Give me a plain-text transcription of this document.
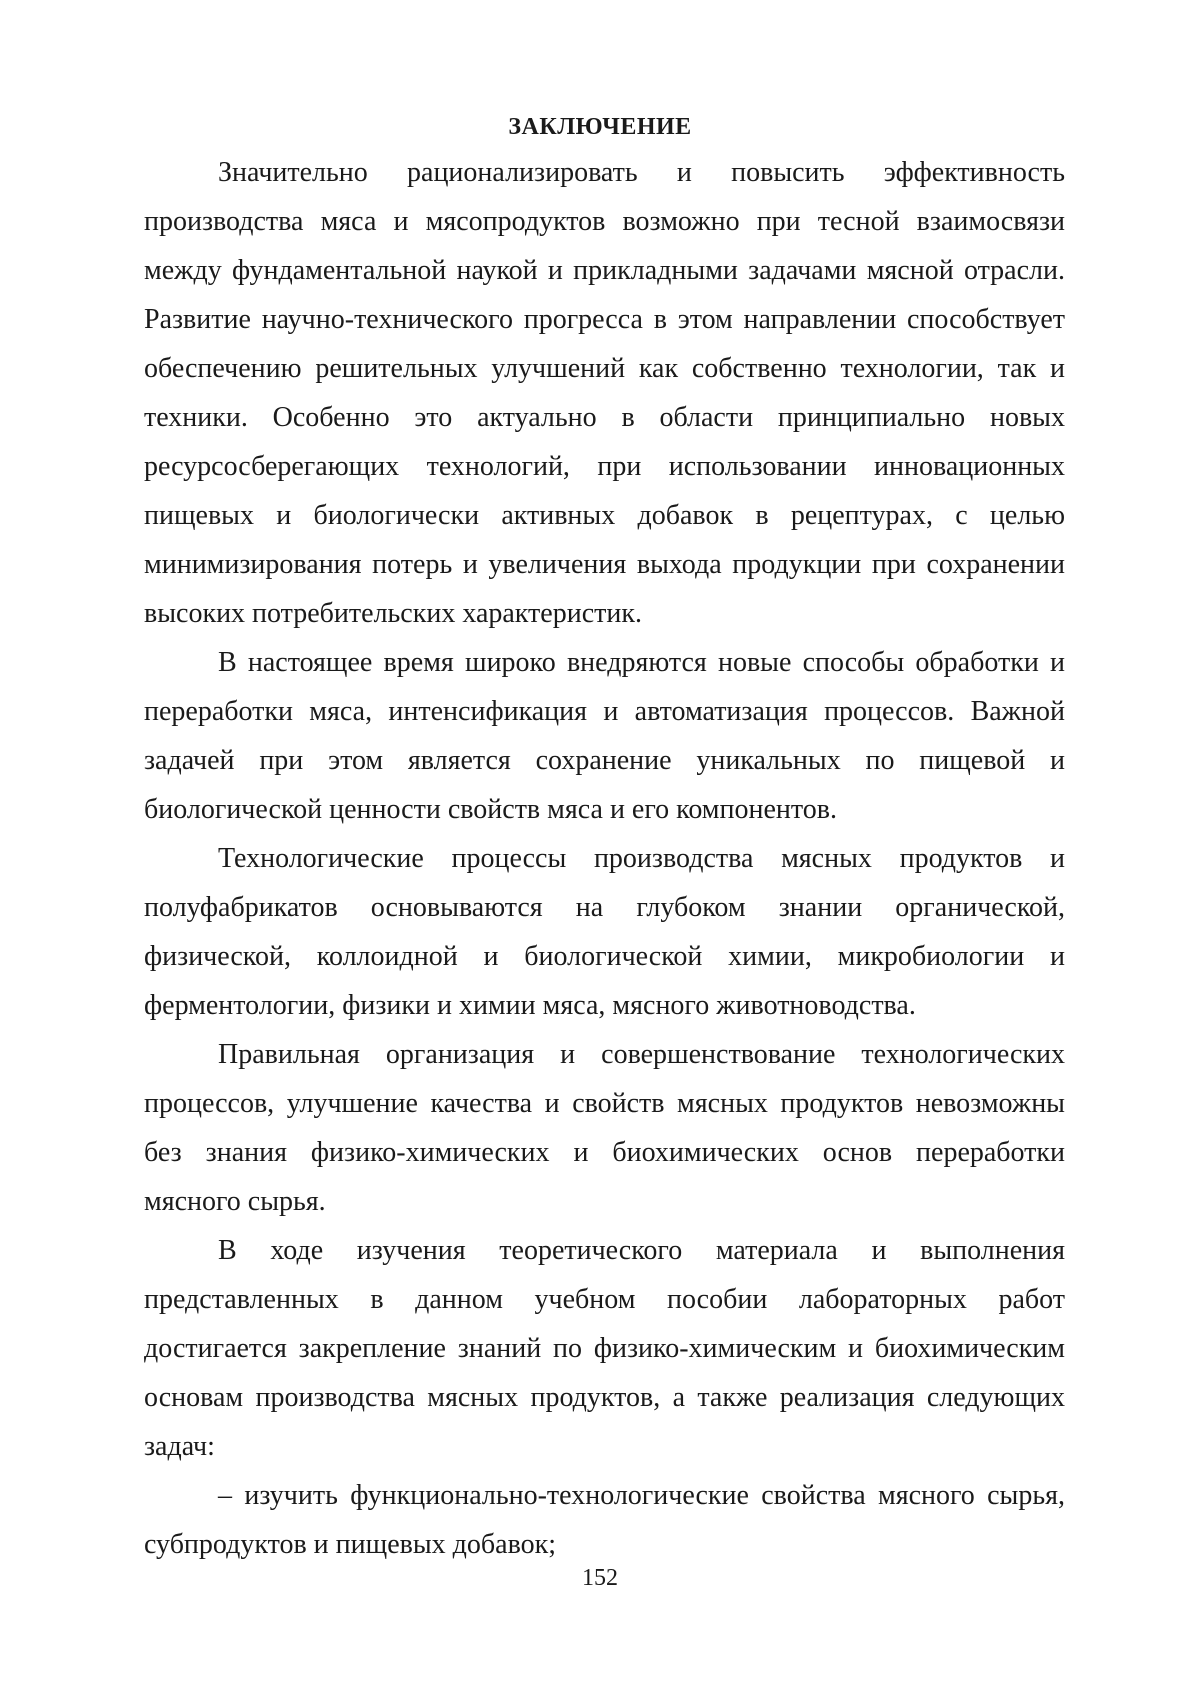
ЗАКЛЮЧЕНИЕ

Значительно рационализировать и повысить эффективность производства мяса и мясопродуктов возможно при тесной взаимосвязи между фундаментальной наукой и прикладными задачами мясной отрасли. Развитие научно-технического прогресса в этом направлении способствует обеспечению решительных улучшений как собственно технологии, так и техники. Особенно это актуально в области принципиально новых ресурсосберегающих технологий, при использовании инновационных пищевых и биологически активных добавок в рецептурах, с целью минимизирования потерь и увеличения выхода продукции при сохранении высоких потребительских характеристик.

В настоящее время широко внедряются новые способы обработки и переработки мяса, интенсификация и автоматизация процессов. Важной задачей при этом является сохранение уникальных по пищевой и биологической ценности свойств мяса и его компонентов.

Технологические процессы производства мясных продуктов и полуфабрикатов основываются на глубоком знании органической, физической, коллоидной и биологической химии, микробиологии и ферментологии, физики и химии мяса, мясного животноводства.

Правильная организация и совершенствование технологических процессов, улучшение качества и свойств мясных продуктов невозможны без знания физико-химических и биохимических основ переработки мясного сырья.

В ходе изучения теоретического материала и выполнения представленных в данном учебном пособии лабораторных работ достигается закрепление знаний по физико-химическим и биохимическим основам производства мясных продуктов, а также реализация следующих задач:

– изучить функционально-технологические свойства мясного сырья, субпродуктов и пищевых добавок;

152
